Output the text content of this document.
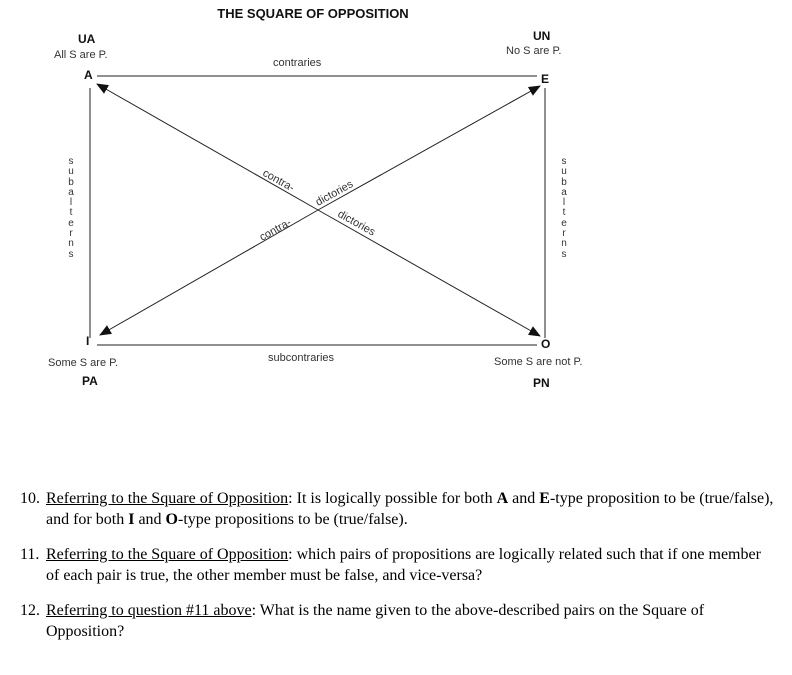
THE SQUARE OF OPPOSITION
UA
All S are P.
A
UN
No S are P.
E
I
Some S are P.
PA
O
Some S are not P.
PN
contraries
subcontraries
s
u
b
a
l
t
e
r
n
s
s
u
b
a
l
t
e
r
n
s
contra- dictories
contra-	dictories
10. Referring to the Square of Opposition: It is logically possible for both A and E-type proposition to be (true/false), and for both I and O-type propositions to be (true/false).
11. Referring to the Square of Opposition: which pairs of propositions are logically related such that if one member of each pair is true, the other member must be false, and vice-versa?
12. Referring to question #11 above: What is the name given to the above-described pairs on the Square of Opposition?
